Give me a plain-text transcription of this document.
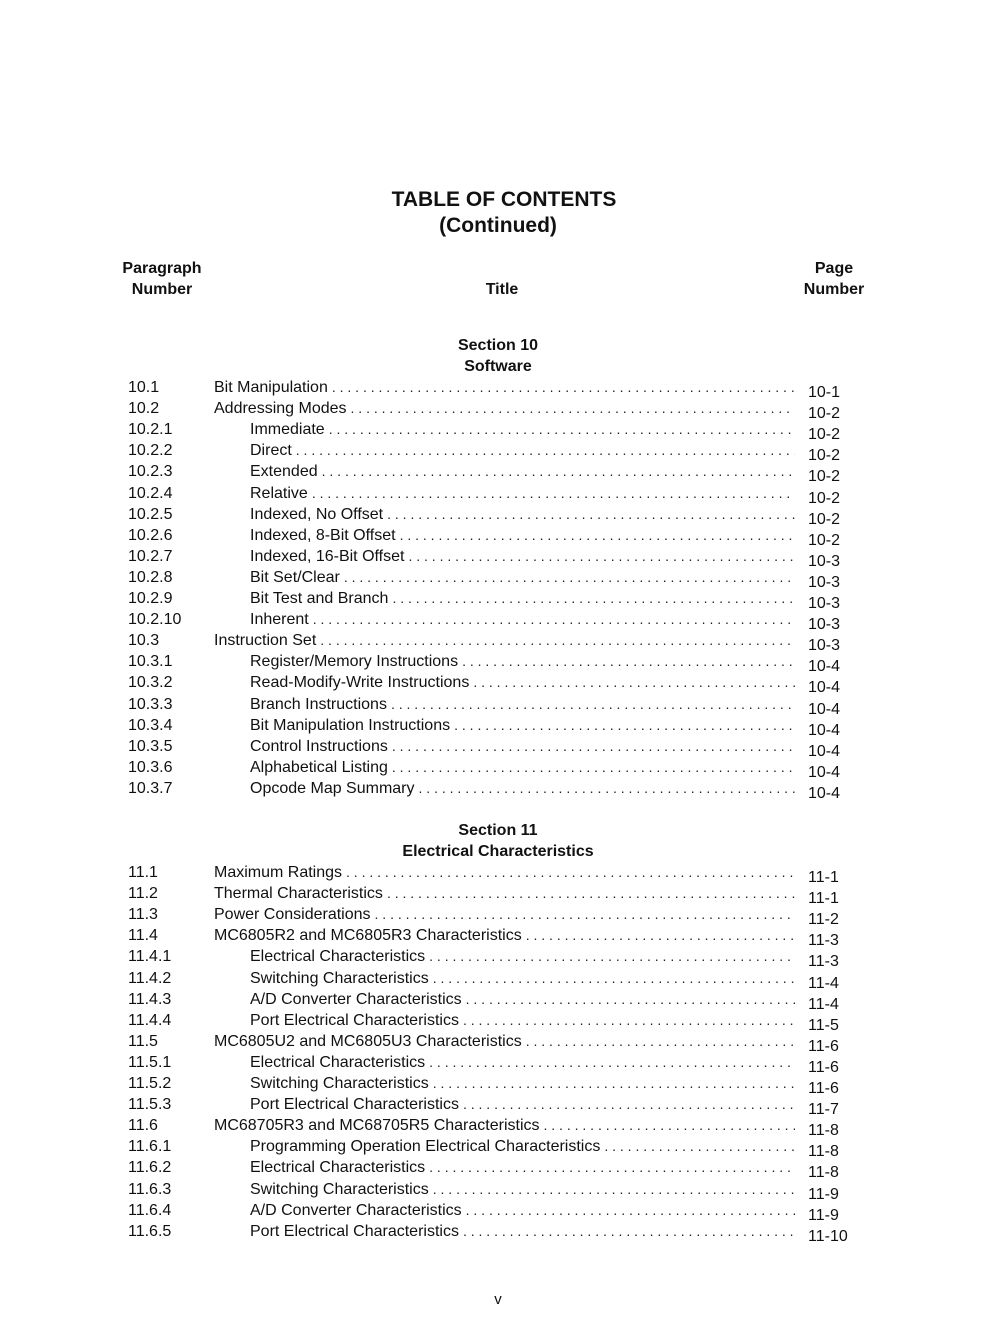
TABLE OF CONTENTS
(Continued)
Paragraph
Number	Title
Page
Number
Section 10
Software
10.1	Bit Manipulation . . .	10-1
10.2	Addressing Modes . . .	10-2
10.2.1	Immediate . . .	10-2
10.2.2	Direct . . .	10-2
10.2.3	Extended . . .	10-2
10.2.4	Relative . . .	10-2
10.2.5	Indexed, No Offset . . .	10-2
10.2.6	Indexed, 8-Bit Offset . . .	10-2
10.2.7	Indexed, 16-Bit Offset . . .	10-3
10.2.8	Bit Set/Clear . . .	10-3
10.2.9	Bit Test and Branch . . .	10-3
10.2.10	Inherent . . .	10-3
10.3	Instruction Set . . .	10-3
10.3.1	Register/Memory Instructions . . .	10-4
10.3.2	Read-Modify-Write Instructions . . .	10-4
10.3.3	Branch Instructions . . .	10-4
10.3.4	Bit Manipulation Instructions . . .	10-4
10.3.5	Control Instructions . . .	10-4
10.3.6	Alphabetical Listing . . .	10-4
10.3.7	Opcode Map Summary . . .	10-4
Section 11
Electrical Characteristics
11.1	Maximum Ratings . . .	11-1
11.2	Thermal Characteristics . . .	11-1
11.3	Power Considerations . . .	11-2
11.4	MC6805R2 and MC6805R3 Characteristics . . .	11-3
11.4.1	Electrical Characteristics . . .	11-3
11.4.2	Switching Characteristics . . .	11-4
11.4.3	A/D Converter Characteristics . . .	11-4
11.4.4	Port Electrical Characteristics . . .	11-5
11.5	MC6805U2 and MC6805U3 Characteristics . . .	11-6
11.5.1	Electrical Characteristics . . .	11-6
11.5.2	Switching Characteristics . . .	11-6
11.5.3	Port Electrical Characteristics . . .	11-7
11.6	MC68705R3 and MC68705R5 Characteristics . . .	11-8
11.6.1	Programming Operation Electrical Characteristics . . .	11-8
11.6.2	Electrical Characteristics . . .	11-8
11.6.3	Switching Characteristics . . .	11-9
11.6.4	A/D Converter Characteristics . . .	11-9
11.6.5	Port Electrical Characteristics . . .	11-10
v
